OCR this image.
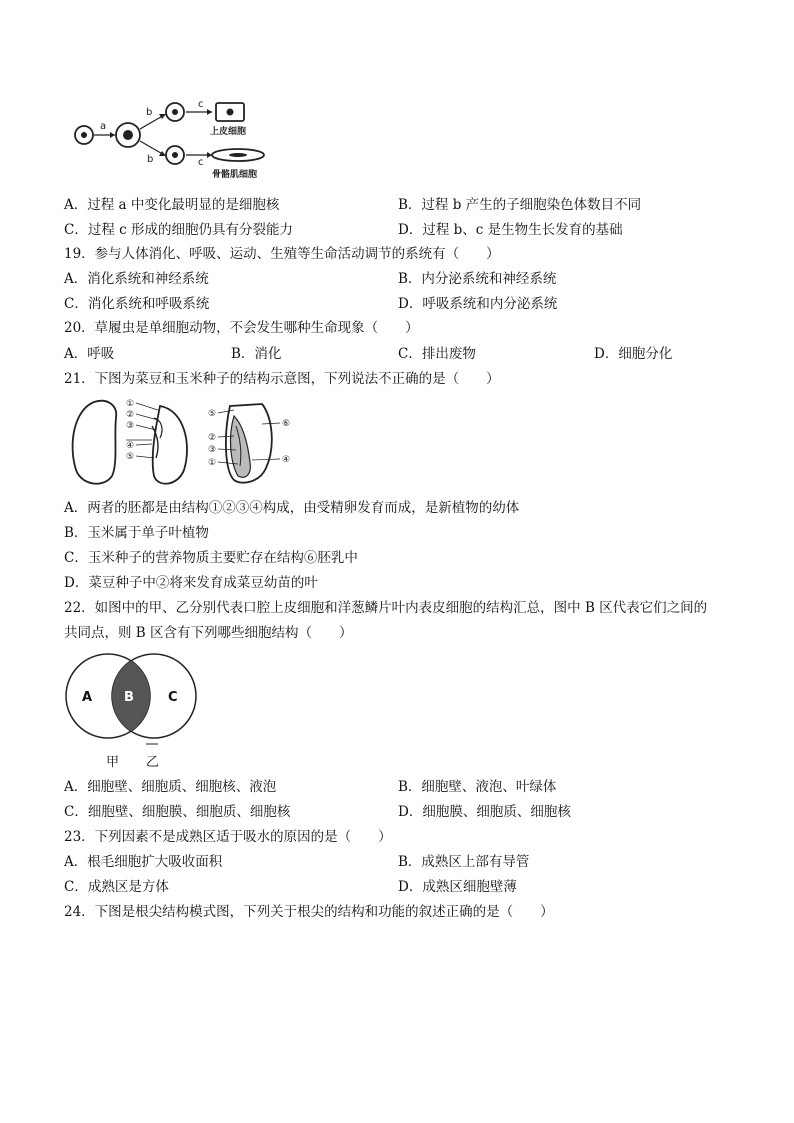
a
b
b
c
c
上皮细胞
骨骼肌细胞
A．过程 a 中变化最明显的是细胞核	B．过程 b 产生的子细胞染色体数目不同
C．过程 c 形成的细胞仍具有分裂能力	D．过程 b、c 是生物生长发育的基础
19．参与人体消化、呼吸、运动、生殖等生命活动调节的系统有（　　）
A．消化系统和神经系统	B．内分泌系统和神经系统
C．消化系统和呼吸系统	D．呼吸系统和内分泌系统
20．草履虫是单细胞动物，不会发生哪种生命现象（　　）
A．呼吸	B．消化	C．排出废物	D．细胞分化
21．下图为菜豆和玉米种子的结构示意图，下列说法不正确的是（　　）
①
②
③
④
⑤
⑤
⑥
②
③
①	④
A．两者的胚都是由结构①②③④构成，由受精卵发育而成，是新植物的幼体
B．玉米属于单子叶植物
C．玉米种子的营养物质主要贮存在结构⑥胚乳中
D．菜豆种子中②将来发育成菜豆幼苗的叶
22．如图中的甲、乙分别代表口腔上皮细胞和洋葱鳞片叶内表皮细胞的结构汇总，图中 B 区代表它们之间的
共同点，则 B 区含有下列哪些细胞结构（　　）
A B	C
甲 乙
A．细胞壁、细胞质、细胞核、液泡	B．细胞壁、液泡、叶绿体
C．细胞壁、细胞膜、细胞质、细胞核	D．细胞膜、细胞质、细胞核
23．下列因素不是成熟区适于吸水的原因的是（　　）
A．根毛细胞扩大吸收面积	B．成熟区上部有导管
C．成熟区是方体	D．成熟区细胞壁薄
24．下图是根尖结构模式图，下列关于根尖的结构和功能的叙述正确的是（　　）
